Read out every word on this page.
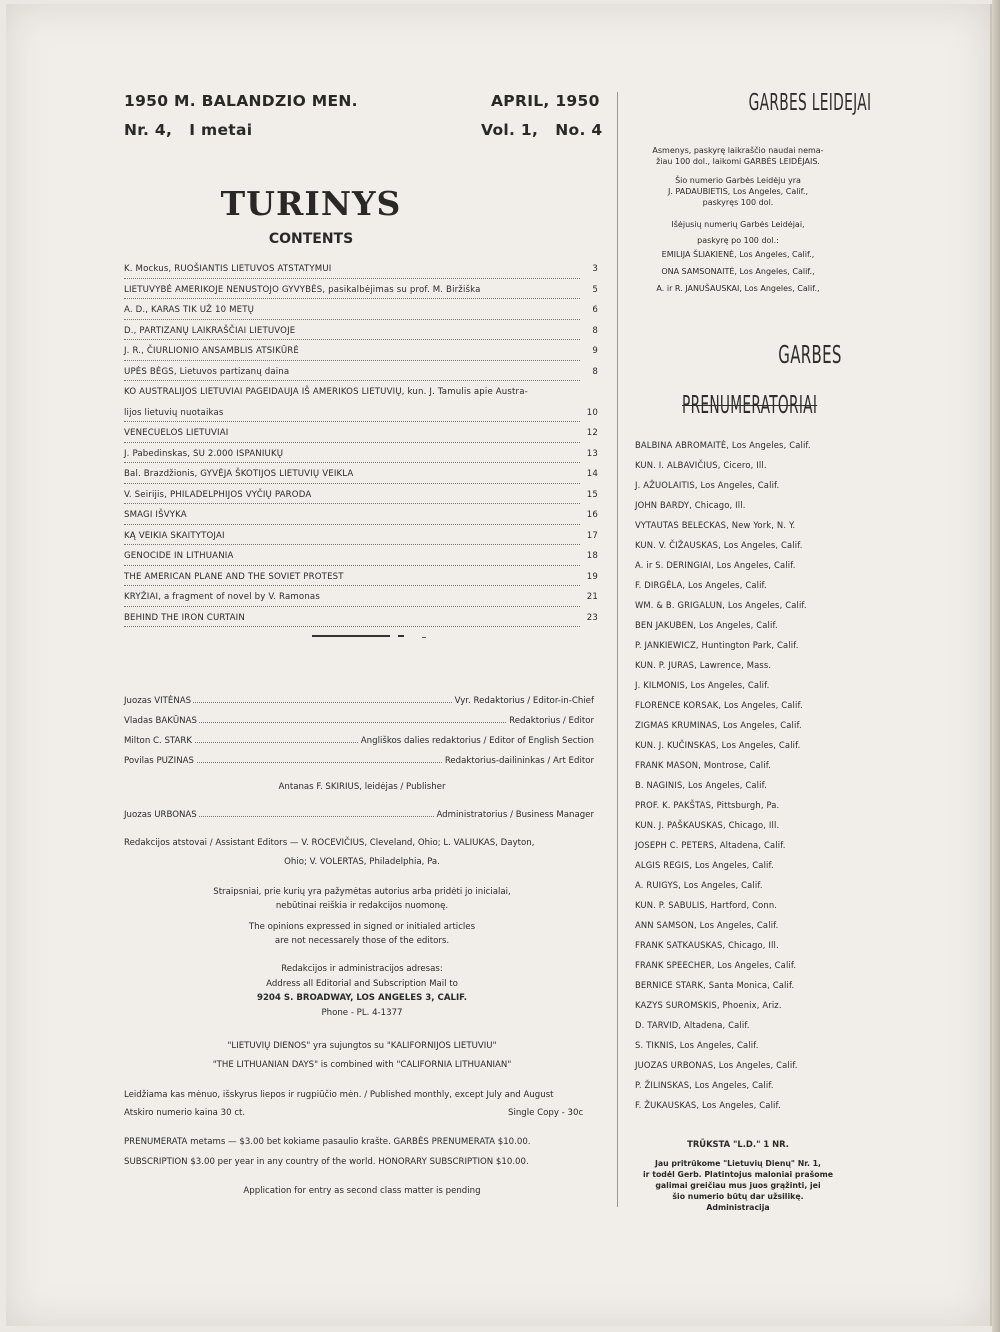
1950 M. BALANDZIO MEN.	APRIL, 1950
Nr. 4,   I metai	Vol. 1,   No. 4
TURINYS
CONTENTS
K. Mockus, RUOŠIANTIS LIETUVOS ATSTATYMUI	3
LIETUVYBĖ AMERIKOJE NENUSTOJO GYVYBĖS, pasikalbėjimas su prof. M. Biržiška	5
A. D., KARAS TIK UŽ 10 METŲ	6
D., PARTIZANŲ LAIKRAŠČIAI LIETUVOJE	8
J. R., ČIURLIONIO ANSAMBLIS ATSIKŪRĖ	9
UPĖS BĖGS, Lietuvos partizanų daina	8
KO AUSTRALIJOS LIETUVIAI PAGEIDAUJA IŠ AMERIKOS LIETUVIŲ, kun. J. Tamulis apie Austra-
lijos lietuvių nuotaikas	10
VENECUELOS LIETUVIAI	12
J. Pabedinskas, SU 2.000 ISPANIUKŲ	13
Bal. Brazdžionis, GYVĖJA ŠKOTIJOS LIETUVIŲ VEIKLA	14
V. Seirijis, PHILADELPHIJOS VYČIŲ PARODA	15
SMAGI IŠVYKA	16
KĄ VEIKIA SKAITYTOJAI	17
GENOCIDE IN LITHUANIA	18
THE AMERICAN PLANE AND THE SOVIET PROTEST	19
KRYŽIAI, a fragment of novel by V. Ramonas	21
BEHIND THE IRON CURTAIN	23
Juozas VITĖNAS	Vyr. Redaktorius / Editor-in-Chief
Vladas BAKŪNAS	Redaktorius / Editor
Milton C. STARK	Angliškos dalies redaktorius / Editor of English Section
Povilas PUZINAS	Redaktorius-dailininkas / Art Editor
Antanas F. SKIRIUS, leidėjas / Publisher
Juozas URBONAS	Administratorius / Business Manager
Redakcijos atstovai / Assistant Editors — V. ROCEVIČIUS, Cleveland, Ohio; L. VALIUKAS, Dayton,
Ohio; V. VOLERTAS, Philadelphia, Pa.
Straipsniai, prie kurių yra pažymėtas autorius arba pridėti jo inicialai,
nebūtinai reiškia ir redakcijos nuomonę.
The opinions expressed in signed or initialed articles
are not necessarely those of the editors.
Redakcijos ir administracijos adresas:
Address all Editorial and Subscription Mail to
9204 S. BROADWAY, LOS ANGELES 3, CALIF.
Phone - PL. 4-1377
"LIETUVIŲ DIENOS" yra sujungtos su "KALIFORNIJOS LIETUVIU"
"THE LITHUANIAN DAYS" is combined with "CALIFORNIA LITHUANIAN"
Leidžiama kas mėnuo, išskyrus liepos ir rugpiūčio mėn. / Published monthly, except July and August
Atskiro numerio kaina 30 ct.	Single Copy - 30c
PRENUMERATA metams — $3.00 bet kokiame pasaulio krašte. GARBĖS PRENUMERATA $10.00.
SUBSCRIPTION $3.00 per year in any country of the world. HONORARY SUBSCRIPTION $10.00.
Application for entry as second class matter is pending
GARBES LEIDEJAI
Asmenys, paskyrę laikraščio naudai nema-
žiau 100 dol., laikomi GARBĖS LEIDĖJAIS.
Šio numerio Garbės Leidėju yra
J. PADAUBIETIS, Los Angeles, Calif.,
paskyręs 100 dol.
Išėjusių numerių Garbės Leidėjai,
paskyrę po 100 dol.:
EMILIJA ŠLIAKIENĖ, Los Angeles, Calif.,
ONA SAMSONAITĖ, Los Angeles, Calif.,
A. ir R. JANUŠAUSKAI, Los Angeles, Calif.,
GARBES
PRENUMERATORIAI
BALBINA ABROMAITĖ, Los Angeles, Calif.
KUN. I. ALBAVIČIUS, Cicero, Ill.
J. AŽUOLAITIS, Los Angeles, Calif.
JOHN BARDY, Chicago, Ill.
VYTAUTAS BELECKAS, New York, N. Y.
KUN. V. ČIŽAUSKAS, Los Angeles, Calif.
A. ir S. DERINGIAI, Los Angeles, Calif.
F. DIRGĖLA, Los Angeles, Calif.
WM. & B. GRIGALUN, Los Angeles, Calif.
BEN JAKUBEN, Los Angeles, Calif.
P. JANKIEWICZ, Huntington Park, Calif.
KUN. P. JURAS, Lawrence, Mass.
J. KILMONIS, Los Angeles, Calif.
FLORENCE KORSAK, Los Angeles, Calif.
ZIGMAS KRUMINAS, Los Angeles, Calif.
KUN. J. KUČINSKAS, Los Angeles, Calif.
FRANK MASON, Montrose, Calif.
B. NAGINIS, Los Angeles, Calif.
PROF. K. PAKŠTAS, Pittsburgh, Pa.
KUN. J. PAŠKAUSKAS, Chicago, Ill.
JOSEPH C. PETERS, Altadena, Calif.
ALGIS REGIS, Los Angeles, Calif.
A. RUIGYS, Los Angeles, Calif.
KUN. P. SABULIS, Hartford, Conn.
ANN SAMSON, Los Angeles, Calif.
FRANK SATKAUSKAS, Chicago, Ill.
FRANK SPEECHER, Los Angeles, Calif.
BERNICE STARK, Santa Monica, Calif.
KAZYS SUROMSKIS, Phoenix, Ariz.
D. TARVID, Altadena, Calif.
S. TIKNIS, Los Angeles, Calif.
JUOZAS URBONAS, Los Angeles, Calif.
P. ŽILINSKAS, Los Angeles, Calif.
F. ŽUKAUSKAS, Los Angeles, Calif.
TRŪKSTA "L.D." 1 NR.
Jau pritrūkome "Lietuvių Dienų" Nr. 1,
ir todėl Gerb. Platintojus maloniai prašome
galimai greičiau mus juos grąžinti, jei
šio numerio būtų dar užsilikę.
Administracija
